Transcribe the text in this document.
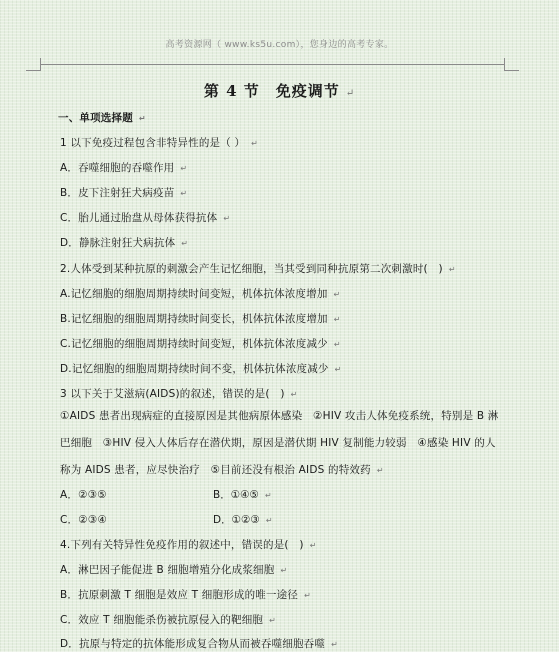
高考资源网（ www.ks5u.com），您身边的高考专家。
第 4 节　免疫调节 ↵
一、单项选择题 ↵
1 以下免疫过程包含非特异性的是（ ） ↵
A．吞噬细胞的吞噬作用 ↵
B．皮下注射狂犬病疫苗 ↵
C．胎儿通过胎盘从母体获得抗体 ↵
D．静脉注射狂犬病抗体 ↵
2.人体受到某种抗原的刺激会产生记忆细胞，当其受到同种抗原第二次刺激时(　) ↵
A.记忆细胞的细胞周期持续时间变短，机体抗体浓度增加 ↵
B.记忆细胞的细胞周期持续时间变长，机体抗体浓度增加 ↵
C.记忆细胞的细胞周期持续时间变短，机体抗体浓度减少 ↵
D.记忆细胞的细胞周期持续时间不变，机体抗体浓度减少 ↵
3 以下关于艾滋病(AIDS)的叙述，错误的是(　) ↵
①AIDS 患者出现病症的直接原因是其他病原体感染　②HIV 攻击人体免疫系统，特别是 B 淋巴细胞　③HIV 侵入人体后存在潜伏期，原因是潜伏期 HIV 复制能力较弱　④感染 HIV 的人称为 AIDS 患者，应尽快治疗　⑤目前还没有根治 AIDS 的特效药 ↵
A．②③⑤	B．①④⑤ ↵
C．②③④	D．①②③ ↵
4.下列有关特异性免疫作用的叙述中，错误的是(　) ↵
A．淋巴因子能促进 B 细胞增殖分化成浆细胞 ↵
B．抗原刺激 T 细胞是效应 T 细胞形成的唯一途径 ↵
C．效应 T 细胞能杀伤被抗原侵入的靶细胞 ↵
D．抗原与特定的抗体能形成复合物从而被吞噬细胞吞噬 ↵
